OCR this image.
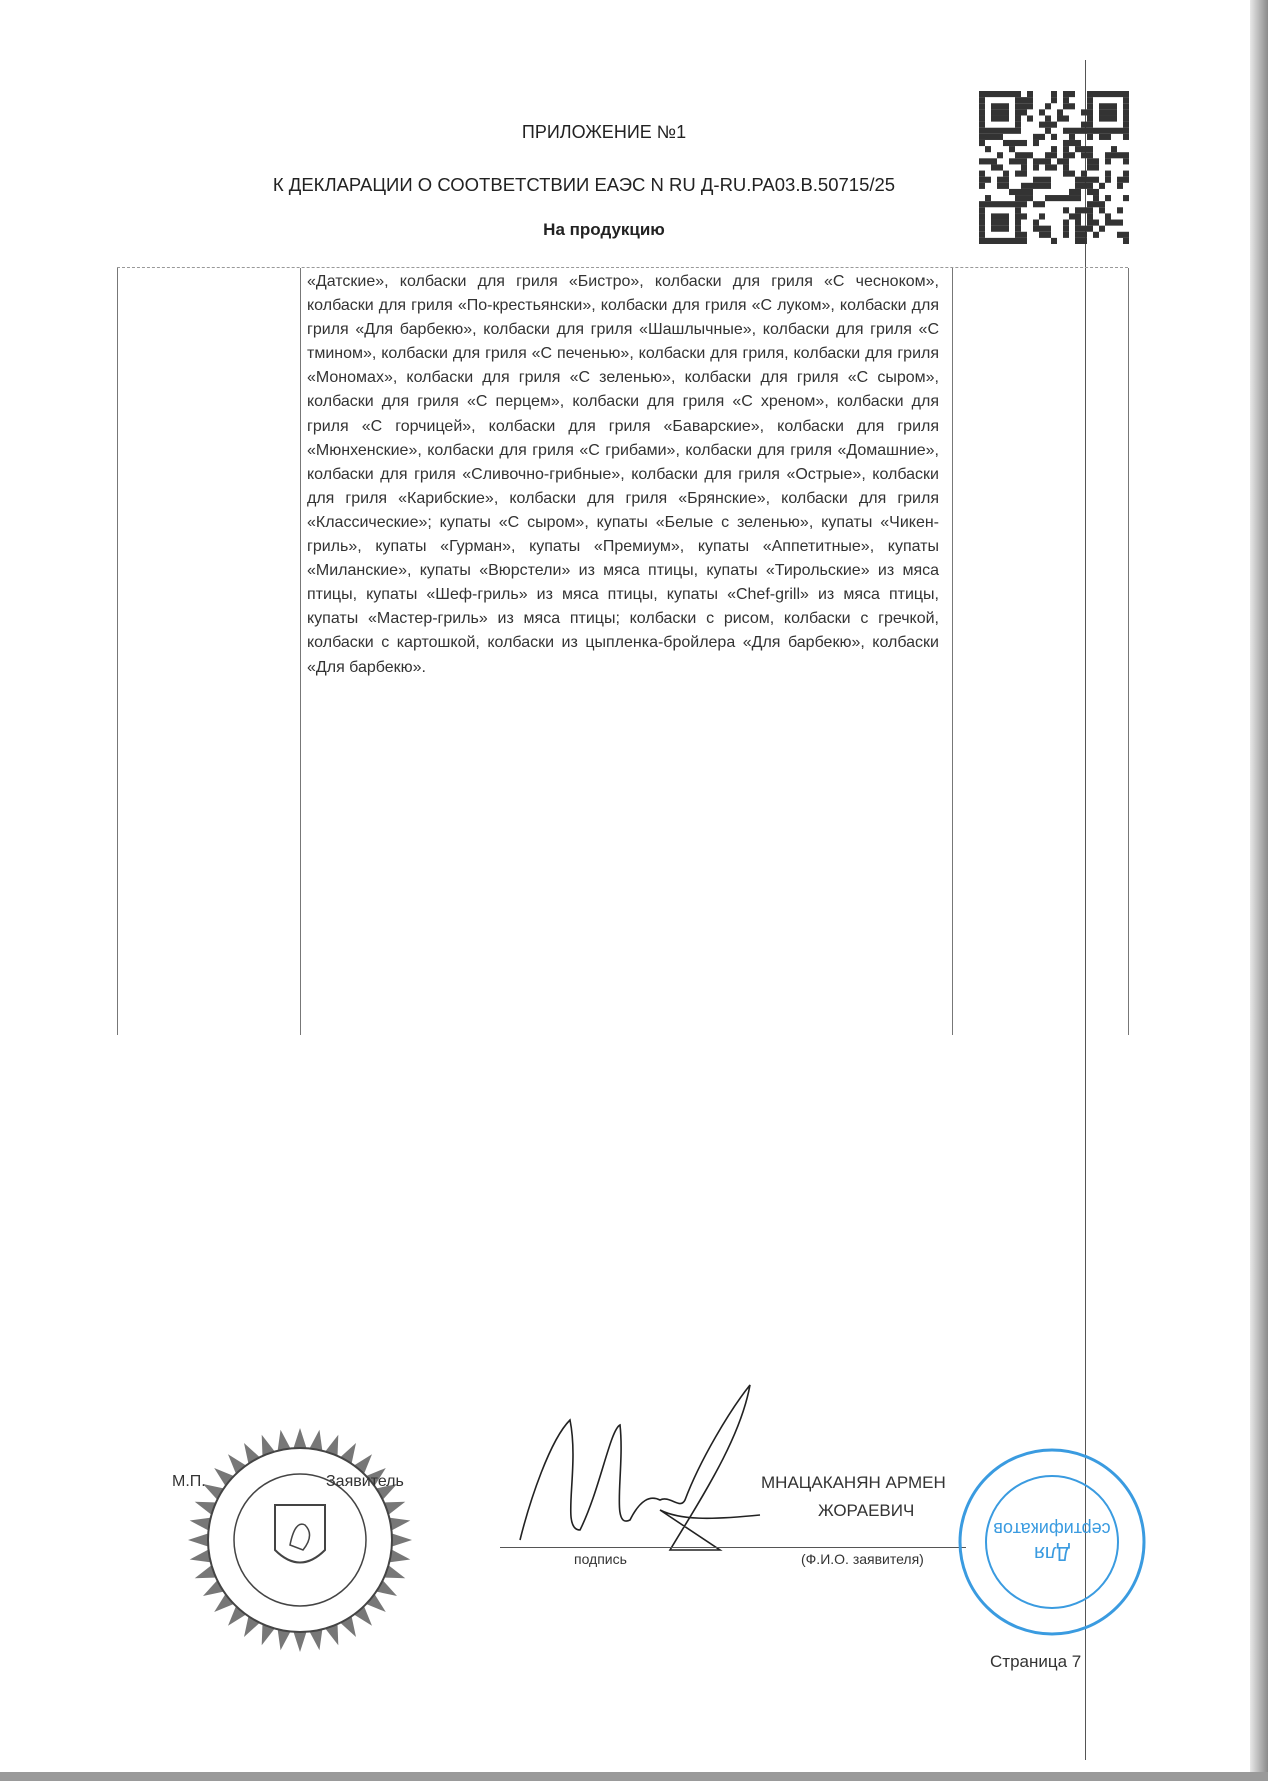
ПРИЛОЖЕНИЕ №1
К ДЕКЛАРАЦИИ О СООТВЕТСТВИИ ЕАЭС N RU Д-RU.PA03.B.50715/25
На продукцию
«Датские», колбаски для гриля «Бистро», колбаски для гриля «С чесноком», колбаски для гриля «По-крестьянски», колбаски для гриля «С луком», колбаски для гриля «Для барбекю», колбаски для гриля «Шашлычные», колбаски для гриля «С тмином», колбаски для гриля «С печенью», колбаски для гриля, колбаски для гриля «Мономах», колбаски для гриля «С зеленью», колбаски для гриля «С сыром», колбаски для гриля «С перцем», колбаски для гриля «С хреном», колбаски для гриля «С горчицей», колбаски для гриля «Баварские», колбаски для гриля «Мюнхенские», колбаски для гриля «С грибами», колбаски для гриля «Домашние», колбаски для гриля «Сливочно-грибные», колбаски для гриля «Острые», колбаски для гриля «Карибские», колбаски для гриля «Брянские», колбаски для гриля «Классические»; купаты «С сыром», купаты «Белые с зеленью», купаты «Чикен-гриль», купаты «Гурман», купаты «Премиум», купаты «Аппетитные», купаты «Миланские», купаты «Вюрстели» из мяса птицы, купаты «Тирольские» из мяса птицы, купаты «Шеф-гриль» из мяса птицы, купаты «Chef-grill» из мяса птицы, купаты «Мастер-гриль» из мяса птицы; колбаски с рисом, колбаски с гречкой, колбаски с картошкой, колбаски из цыпленка-бройлера «Для барбекю», колбаски «Для барбекю».
М.П.	Заявитель	МНАЦАКАНЯН АРМЕН
ЖОРАЕВИЧ
подпись	(Ф.И.О. заявителя)	Для
сертификатов
Страница 7
